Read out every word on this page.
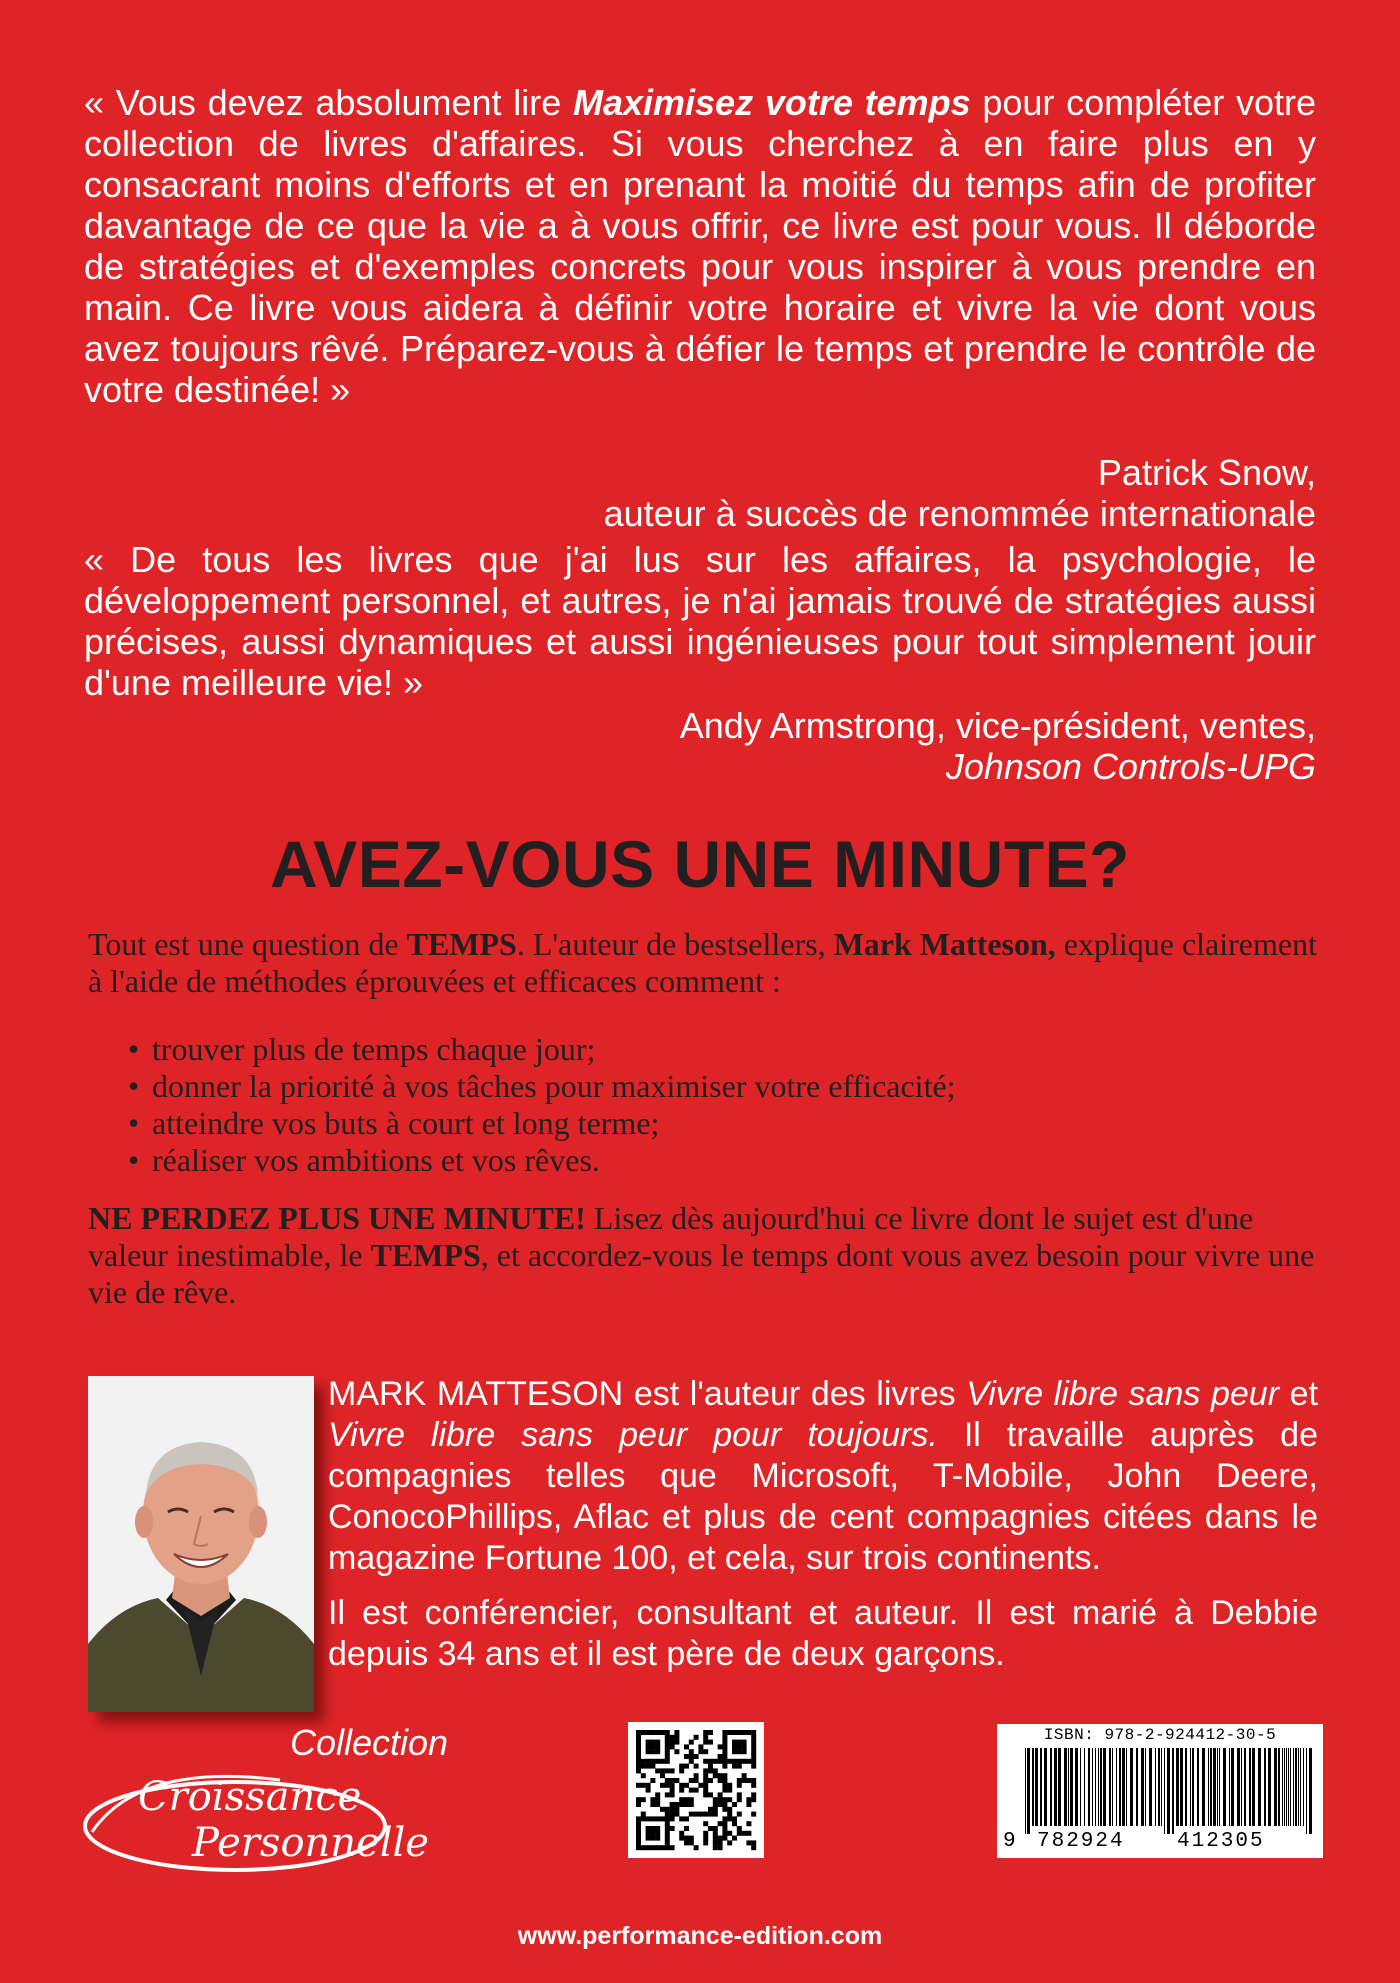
« Vous devez absolument lire Maximisez votre temps pour compléter votre collection de livres d'affaires. Si vous cherchez à en faire plus en y consacrant moins d'efforts et en prenant la moitié du temps afin de profiter davantage de ce que la vie a à vous offrir, ce livre est pour vous. Il déborde de stratégies et d'exemples concrets pour vous inspirer à vous prendre en main. Ce livre vous aidera à définir votre horaire et vivre la vie dont vous avez toujours rêvé. Préparez-vous à défier le temps et prendre le contrôle de votre destinée! »
Patrick Snow,
auteur à succès de renommée internationale
« De tous les livres que j'ai lus sur les affaires, la psychologie, le développement personnel, et autres, je n'ai jamais trouvé de stratégies aussi précises, aussi dynamiques et aussi ingénieuses pour tout simplement jouir d'une meilleure vie! »
Andy Armstrong, vice-président, ventes,
Johnson Controls-UPG
AVEZ-VOUS UNE MINUTE?
Tout est une question de TEMPS. L'auteur de bestsellers, Mark Matteson, explique clairement à l'aide de méthodes éprouvées et efficaces comment :
• trouver plus de temps chaque jour;
• donner la priorité à vos tâches pour maximiser votre efficacité;
• atteindre vos buts à court et long terme;
• réaliser vos ambitions et vos rêves.
NE PERDEZ PLUS UNE MINUTE! Lisez dès aujourd'hui ce livre dont le sujet est d'une valeur inestimable, le TEMPS, et accordez-vous le temps dont vous avez besoin pour vivre une vie de rêve.
MARK MATTESON est l'auteur des livres Vivre libre sans peur et Vivre libre sans peur pour toujours. Il travaille auprès de compagnies telles que Microsoft, T-Mobile, John Deere, ConocoPhillips, Aflac et plus de cent compagnies citées dans le magazine Fortune 100, et cela, sur trois continents.
Il est conférencier, consultant et auteur. Il est marié à Debbie depuis 34 ans et il est père de deux garçons.
Collection
Croissance
Personnelle
ISBN: 978-2-924412-30-5
9 782924 412305
www.performance-edition.com
